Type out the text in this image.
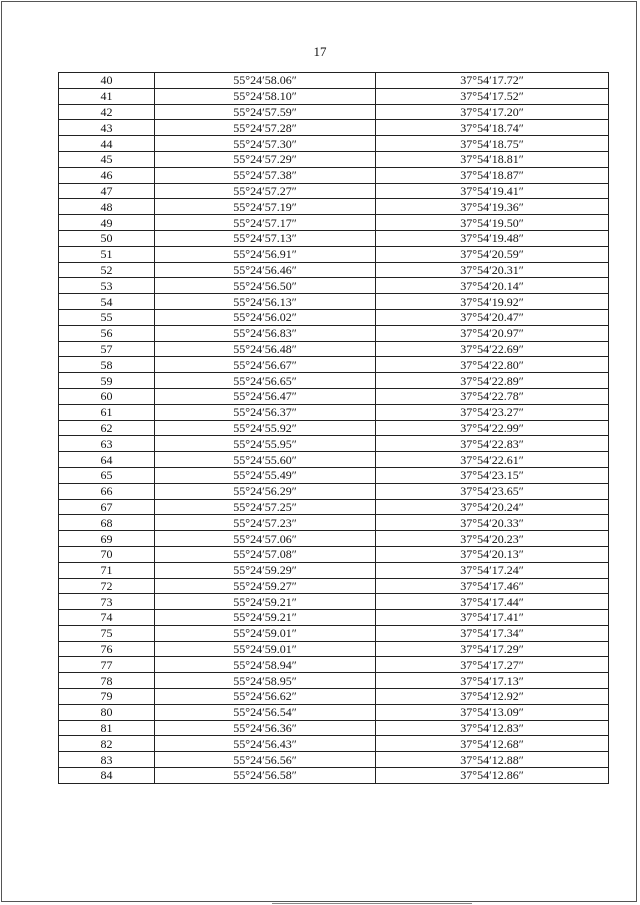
17
40	55°24′58.06″	37°54′17.72″
41	55°24′58.10″	37°54′17.52″
42	55°24′57.59″	37°54′17.20″
43	55°24′57.28″	37°54′18.74″
44	55°24′57.30″	37°54′18.75″
45	55°24′57.29″	37°54′18.81″
46	55°24′57.38″	37°54′18.87″
47	55°24′57.27″	37°54′19.41″
48	55°24′57.19″	37°54′19.36″
49	55°24′57.17″	37°54′19.50″
50	55°24′57.13″	37°54′19.48″
51	55°24′56.91″	37°54′20.59″
52	55°24′56.46″	37°54′20.31″
53	55°24′56.50″	37°54′20.14″
54	55°24′56.13″	37°54′19.92″
55	55°24′56.02″	37°54′20.47″
56	55°24′56.83″	37°54′20.97″
57	55°24′56.48″	37°54′22.69″
58	55°24′56.67″	37°54′22.80″
59	55°24′56.65″	37°54′22.89″
60	55°24′56.47″	37°54′22.78″
61	55°24′56.37″	37°54′23.27″
62	55°24′55.92″	37°54′22.99″
63	55°24′55.95″	37°54′22.83″
64	55°24′55.60″	37°54′22.61″
65	55°24′55.49″	37°54′23.15″
66	55°24′56.29″	37°54′23.65″
67	55°24′57.25″	37°54′20.24″
68	55°24′57.23″	37°54′20.33″
69	55°24′57.06″	37°54′20.23″
70	55°24′57.08″	37°54′20.13″
71	55°24′59.29″	37°54′17.24″
72	55°24′59.27″	37°54′17.46″
73	55°24′59.21″	37°54′17.44″
74	55°24′59.21″	37°54′17.41″
75	55°24′59.01″	37°54′17.34″
76	55°24′59.01″	37°54′17.29″
77	55°24′58.94″	37°54′17.27″
78	55°24′58.95″	37°54′17.13″
79	55°24′56.62″	37°54′12.92″
80	55°24′56.54″	37°54′13.09″
81	55°24′56.36″	37°54′12.83″
82	55°24′56.43″	37°54′12.68″
83	55°24′56.56″	37°54′12.88″
84	55°24′56.58″	37°54′12.86″
